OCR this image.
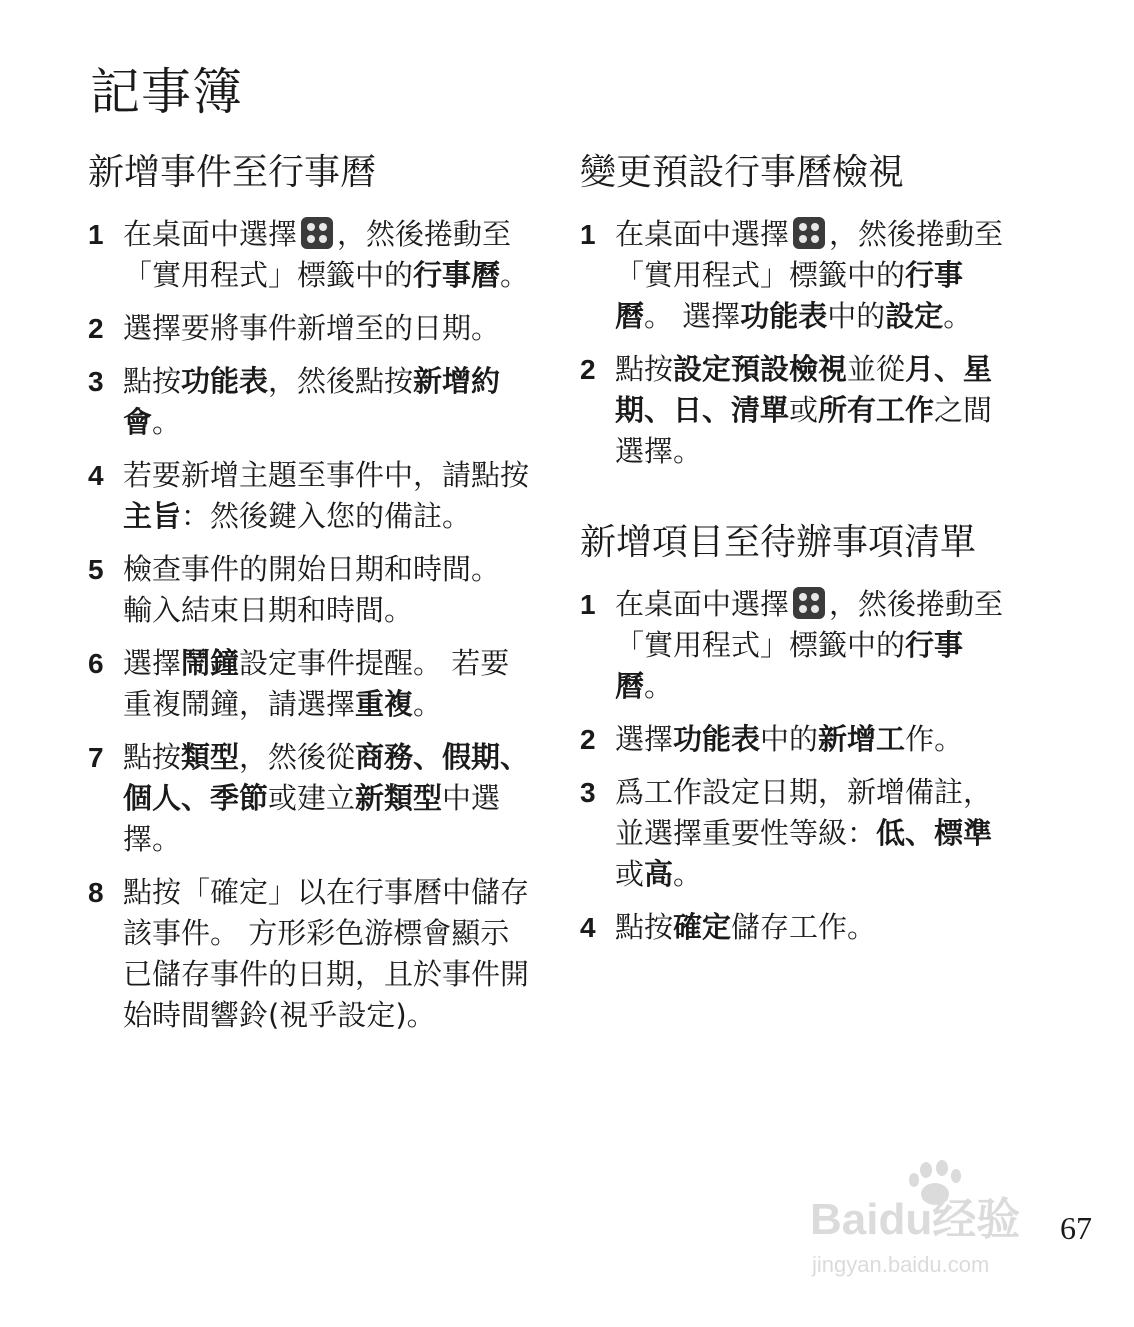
記事簿
新增事件至行事曆
1 在桌面中選擇 ，然後捲動至「實用程式」標籤中的行事曆。
2 選擇要將事件新增至的日期。
3 點按功能表，然後點按新增約會。
4 若要新增主題至事件中，請點按主旨：然後鍵入您的備註。
5 檢查事件的開始日期和時間。 輸入結束日期和時間。
6 選擇鬧鐘設定事件提醒。 若要重複鬧鐘，請選擇重複。
7 點按類型，然後從商務、假期、個人、季節或建立新類型中選擇。
8 點按「確定」以在行事曆中儲存該事件。 方形彩色游標會顯示已儲存事件的日期，且於事件開始時間響鈴(視乎設定)。
變更預設行事曆檢視
1 在桌面中選擇 ，然後捲動至「實用程式」標籤中的行事曆。 選擇功能表中的設定。
2 點按設定預設檢視並從月、星期、日、清單或所有工作之間選擇。
新增項目至待辦事項清單
1 在桌面中選擇 ，然後捲動至「實用程式」標籤中的行事曆。
2 選擇功能表中的新增工作。
3 爲工作設定日期，新增備註，並選擇重要性等級：低、標準或高。
4 點按確定儲存工作。
67
Baidu经验
jingyan.baidu.com
